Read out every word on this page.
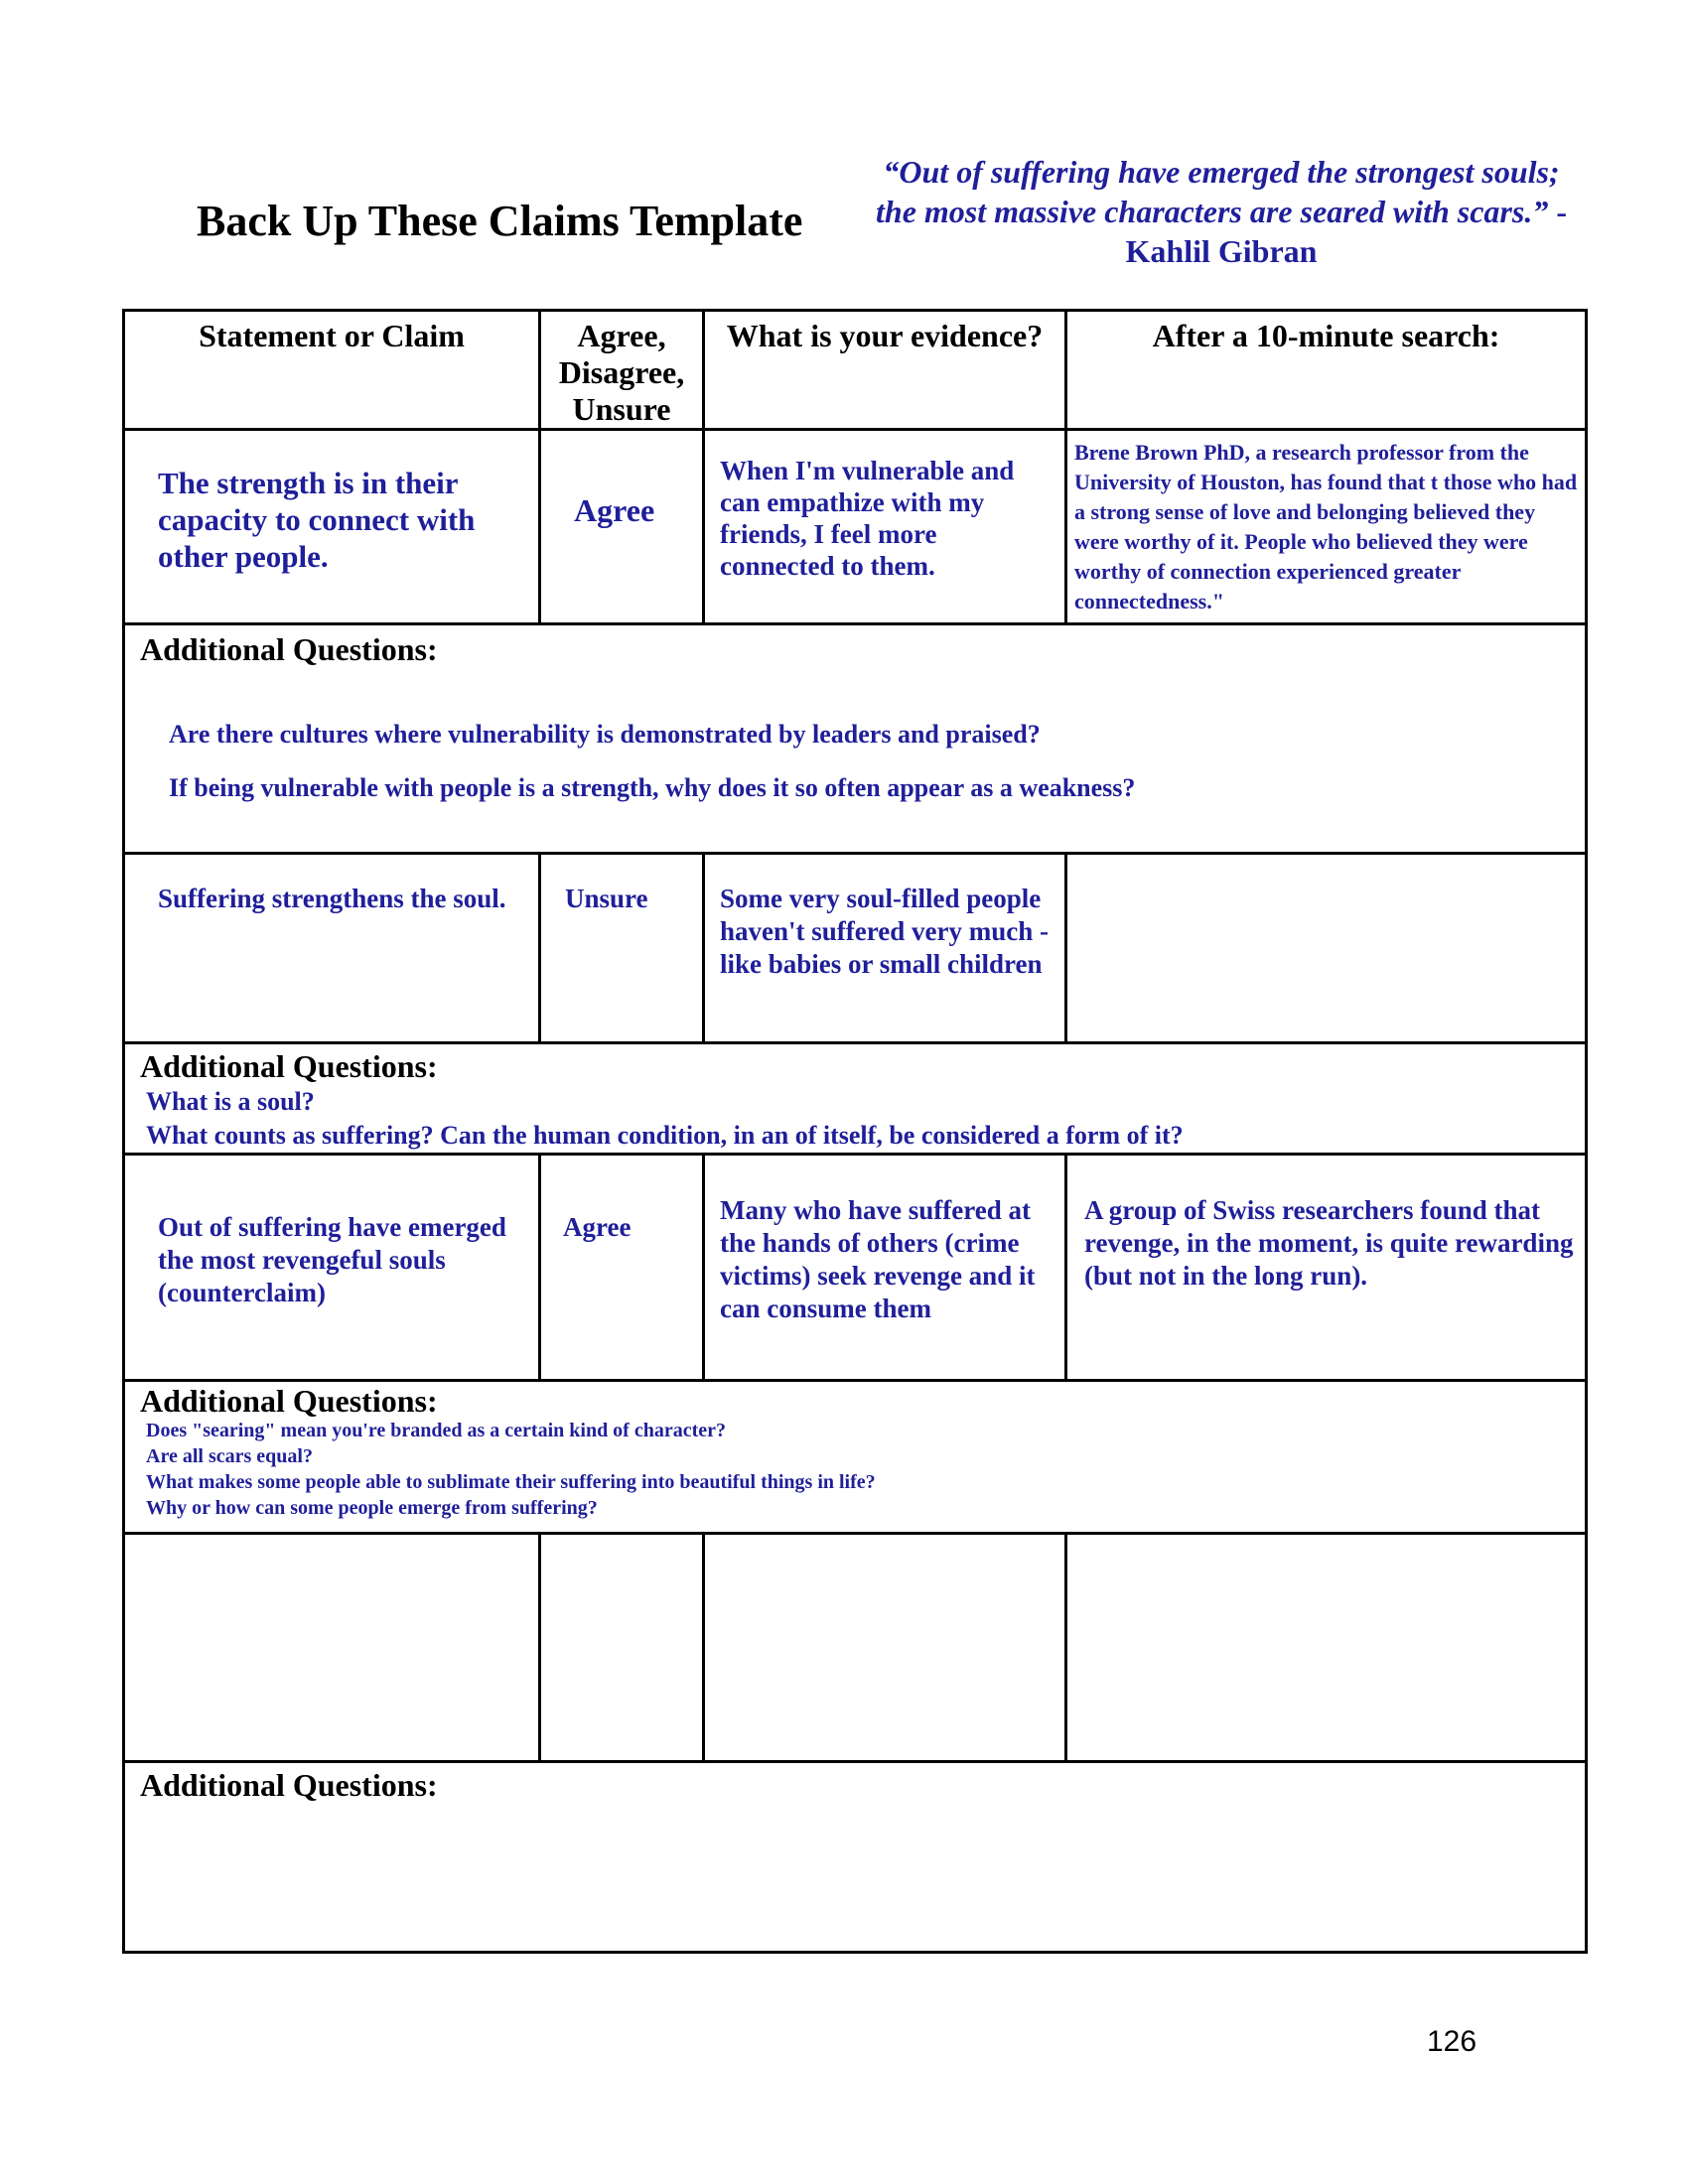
Back Up These Claims Template
“Out of suffering have emerged the strongest souls; the most massive characters are seared with scars.” - Kahlil Gibran
Statement or Claim	Agree, Disagree, Unsure	What is your evidence?	After a 10-minute search:

The strength is in their capacity to connect with other people.	Agree	When I'm vulnerable and can empathize with my friends, I feel more connected to them.	Brene Brown PhD, a research professor from the University of Houston, has found that t those who had a strong sense of love and belonging believed they were worthy of it. People who believed they were worthy of connection experienced greater connectedness."

Additional Questions:
Are there cultures where vulnerability is demonstrated by leaders and praised?
If being vulnerable with people is a strength, why does it so often appear as a weakness?			

Suffering strengthens the soul.	Unsure	Some very soul-filled people haven't suffered very much - like babies or small children	

Additional Questions:
What is a soul?
What counts as suffering? Can the human condition, in an of itself, be considered a form of it?			

Out of suffering have emerged the most revengeful souls (counterclaim)	Agree	Many who have suffered at the hands of others (crime victims) seek revenge and it can consume them	A group of Swiss researchers found that revenge, in the moment, is quite rewarding (but not in the long run).

Additional Questions:
Does "searing" mean you're branded as a certain kind of character?
Are all scars equal?
What makes some people able to sublimate their suffering into beautiful things in life?
Why or how can some people emerge from suffering?			

Additional Questions:			
126
